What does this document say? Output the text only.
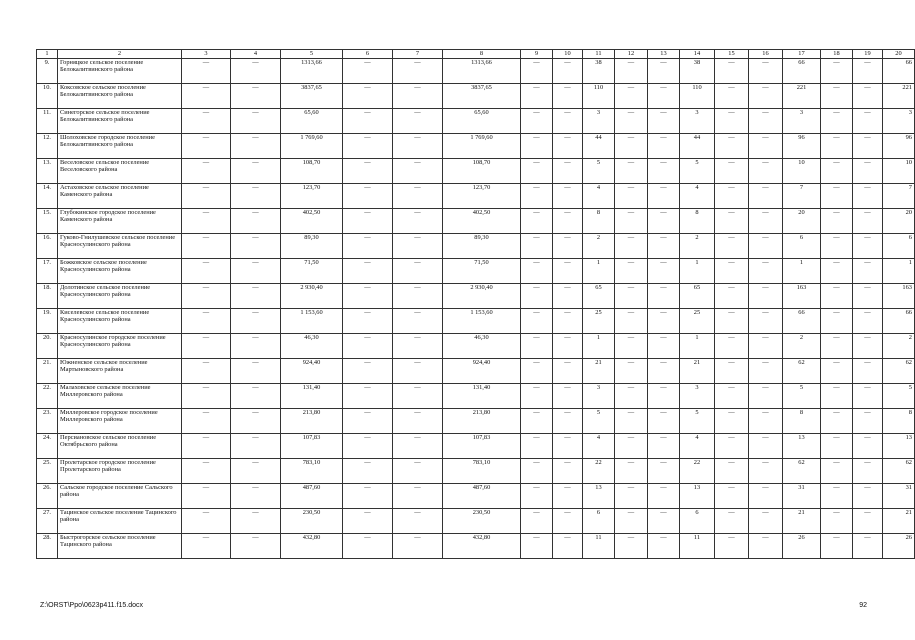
1	2	3	4	5	6	7	8	9	10	11	12	13	14	15	16	17	18	19	20
9.	Горняцкое сельское поселение Белокалитвинского района	—	—	1313,66	—	—	1313,66	—	—	38	—	—	38	—	—	66	—	—	66
10.	Коксовское сельское поселение Белокалитвинского района	—	—	3837,65	—	—	3837,65	—	—	110	—	—	110	—	—	221	—	—	221
11.	Синегорское сельское поселение Белокалитвинского района	—	—	65,60	—	—	65,60	—	—	3	—	—	3	—	—	3	—	—	3
12.	Шолоховское городское поселение Белокалитвинского района	—	—	1 769,60	—	—	1 769,60	—	—	44	—	—	44	—	—	96	—	—	96
13.	Веселовское сельское поселение Веселовского района	—	—	108,70	—	—	108,70	—	—	5	—	—	5	—	—	10	—	—	10
14.	Астаховское сельское поселение Каменского района	—	—	123,70	—	—	123,70	—	—	4	—	—	4	—	—	7	—	—	7
15.	Глубокинское городское поселение Каменского района	—	—	402,50	—	—	402,50	—	—	8	—	—	8	—	—	20	—	—	20
16.	Гуково-Гнилушевское сельское поселение Красносулинского района	—	—	89,30	—	—	89,30	—	—	2	—	—	2	—	—	6	—	—	6
17.	Божковское сельское поселение Красносулинского района	—	—	71,50	—	—	71,50	—	—	1	—	—	1	—	—	1	—	—	1
18.	Долотинское сельское поселение Красносулинского района	—	—	2 930,40	—	—	2 930,40	—	—	65	—	—	65	—	—	163	—	—	163
19.	Киселевское сельское поселение Красносулинского района	—	—	1 153,60	—	—	1 153,60	—	—	25	—	—	25	—	—	66	—	—	66
20.	Красносулинское городское поселение Красносулинского района	—	—	46,30	—	—	46,30	—	—	1	—	—	1	—	—	2	—	—	2
21.	Южненское сельское поселение Мартыновского района	—	—	924,40	—	—	924,40	—	—	21	—	—	21	—	—	62	—	—	62
22.	Малаховское сельское поселение Миллеровского района	—	—	131,40	—	—	131,40	—	—	3	—	—	3	—	—	5	—	—	5
23.	Миллеровское городское поселение Миллеровского района	—	—	213,80	—	—	213,80	—	—	5	—	—	5	—	—	8	—	—	8
24.	Персиановское сельское поселение Октябрьского района	—	—	107,83	—	—	107,83	—	—	4	—	—	4	—	—	13	—	—	13
25.	Пролетарское городское поселение Пролетарского района	—	—	783,10	—	—	783,10	—	—	22	—	—	22	—	—	62	—	—	62
26.	Сальское городское поселение Сальского района	—	—	487,60	—	—	487,60	—	—	13	—	—	13	—	—	31	—	—	31
27.	Тацинское сельское поселение Тацинского района	—	—	230,50	—	—	230,50	—	—	6	—	—	6	—	—	21	—	—	21
28.	Быстрогорское сельское поселение Тацинского района	—	—	432,80	—	—	432,80	—	—	11	—	—	11	—	—	26	—	—	26
Z:\ORST\Ppo\0623p411.f15.docx	92
